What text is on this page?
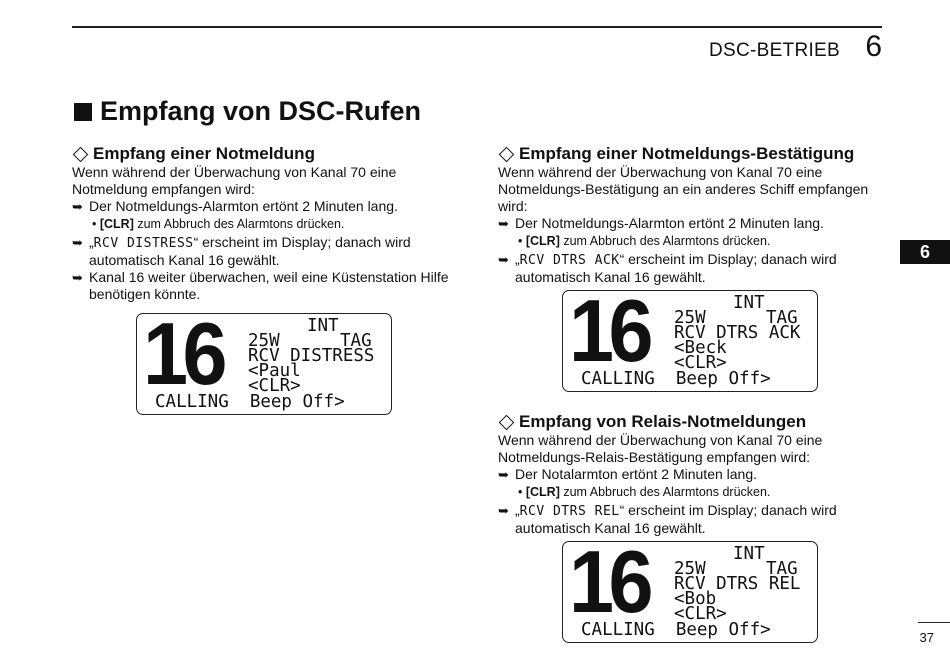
DSC-BETRIEB 6
6
Empfang von DSC-Rufen
Empfang einer Notmeldung

Wenn während der Überwachung von Kanal 70 eine Notmeldung empfangen wird:

➥ Der Notmeldungs-Alarmton ertönt 2 Minuten lang.
• [CLR] zum Abbruch des Alarmtons drücken.
➥ „RCV DISTRESS“ erscheint im Display; danach wird automatisch Kanal 16 gewählt.
➥ Kanal 16 weiter überwachen, weil eine Küstenstation Hilfe benötigen könnte.
16	INT
25W	TAG
RCV DISTRESS
<Paul
<CLR>
CALLING  Beep Off>
Empfang einer Notmeldungs-Bestätigung

Wenn während der Überwachung von Kanal 70 eine Notmeldungs-Bestätigung an ein anderes Schiff empfangen wird:

➥ Der Notmeldungs-Alarmton ertönt 2 Minuten lang.
• [CLR] zum Abbruch des Alarmtons drücken.
➥ „RCV DTRS ACK“ erscheint im Display; danach wird automatisch Kanal 16 gewählt.
16	INT
25W	TAG
RCV DTRS ACK
<Beck
<CLR>
CALLING  Beep Off>
Empfang von Relais-Notmeldungen

Wenn während der Überwachung von Kanal 70 eine Notmeldungs-Relais-Bestätigung empfangen wird:

➥ Der Notalarmton ertönt 2 Minuten lang.
• [CLR] zum Abbruch des Alarmtons drücken.
➥ „RCV DTRS REL“ erscheint im Display; danach wird automatisch Kanal 16 gewählt.
16	INT
25W	TAG
RCV DTRS REL
<Bob
<CLR>
CALLING  Beep Off>	37
